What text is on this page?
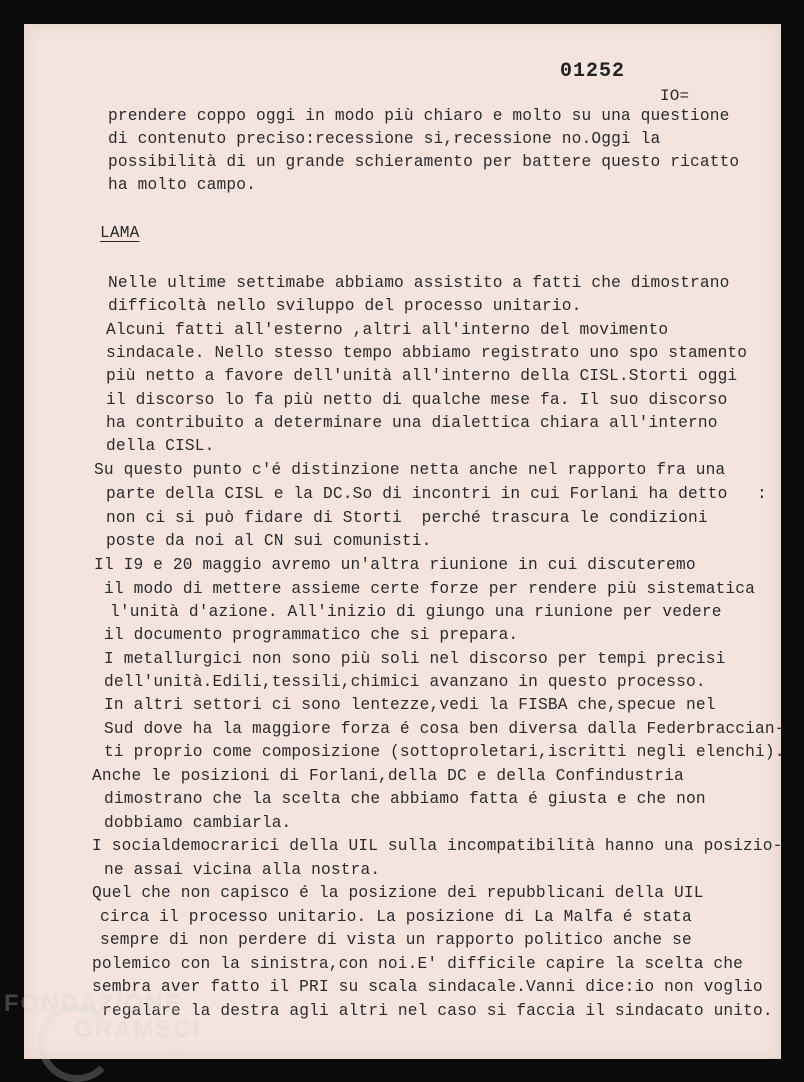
01252
IO=
prendere coppo oggi in modo più chiaro e molto su una questione
di contenuto preciso:recessione si,recessione no.Oggi la
possibilità di un grande schieramento per battere questo ricatto
ha molto campo.
LAMA
Nelle ultime settimabe abbiamo assistito a fatti che dimostrano
difficoltà nello sviluppo del processo unitario.
Alcuni fatti all'esterno ,altri all'interno del movimento
sindacale. Nello stesso tempo abbiamo registrato uno spo stamento
più netto a favore dell'unità all'interno della CISL.Storti oggi
il discorso lo fa più netto di qualche mese fa. Il suo discorso
ha contribuito a determinare una dialettica chiara all'interno
della CISL.
Su questo punto c'é distinzione netta anche nel rapporto fra una
parte della CISL e la DC.So di incontri in cui Forlani ha detto   :
non ci si può fidare di Storti  perché trascura le condizioni
poste da noi al CN sui comunisti.
Il I9 e 20 maggio avremo un'altra riunione in cui discuteremo
il modo di mettere assieme certe forze per rendere più sistematica
l'unità d'azione. All'inizio di giungo una riunione per vedere
il documento programmatico che si prepara.
I metallurgici non sono più soli nel discorso per tempi precisi
dell'unità.Edili,tessili,chimici avanzano in questo processo.
In altri settori ci sono lentezze,vedi la FISBA che,specue nel
Sud dove ha la maggiore forza é cosa ben diversa dalla Federbraccian-
ti proprio come composizione (sottoproletari,iscritti negli elenchi).
Anche le posizioni di Forlani,della DC e della Confindustria
dimostrano che la scelta che abbiamo fatta é giusta e che non
dobbiamo cambiarla.
I socialdemocrarici della UIL sulla incompatibilità hanno una posizio-
ne assai vicina alla nostra.
Quel che non capisco é la posizione dei repubblicani della UIL
circa il processo unitario. La posizione di La Malfa é stata
sempre di non perdere di vista un rapporto politico anche se
polemico con la sinistra,con noi.E' difficile capire la scelta che
sembra aver fatto il PRI su scala sindacale.Vanni dice:io non voglio
regalare la destra agli altri nel caso si faccia il sindacato unito.
FONDAZIONE
GRAMSCI
onlus
